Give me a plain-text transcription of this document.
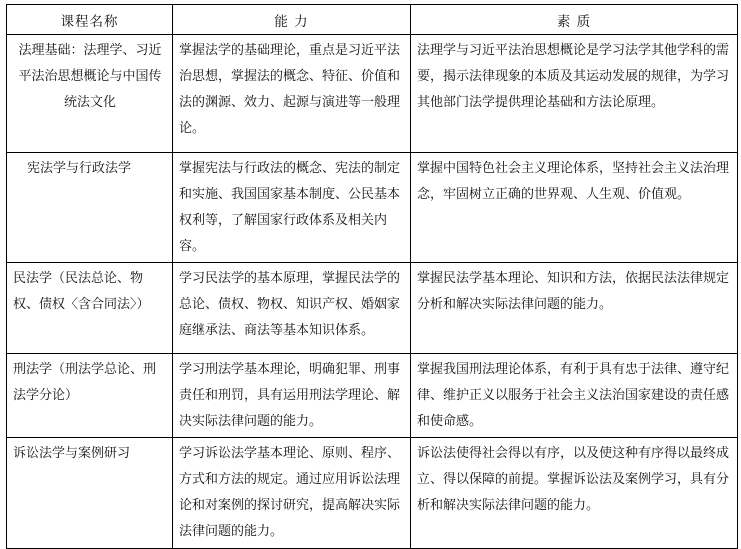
课程名称	能 力	素 质
法理基础：法理学、习近平法治思想概论与中国传统法文化	掌握法学的基础理论，重点是习近平法治思想，掌握法的概念、特征、价值和法的渊源、效力、起源与演进等一般理论。	法理学与习近平法治思想概论是学习法学其他学科的需要，揭示法律现象的本质及其运动发展的规律，为学习其他部门法学提供理论基础和方法论原理。
宪法学与行政法学	掌握宪法与行政法的概念、宪法的制定和实施、我国国家基本制度、公民基本权利等，了解国家行政体系及相关内容。	掌握中国特色社会主义理论体系，坚持社会主义法治理念，牢固树立正确的世界观、人生观、价值观。
民法学（民法总论、物权、债权〈含合同法〉）	学习民法学的基本原理，掌握民法学的总论、债权、物权、知识产权、婚姻家庭继承法、商法等基本知识体系。	掌握民法学基本理论、知识和方法，依据民法法律规定分析和解决实际法律问题的能力。
刑法学（刑法学总论、刑法学分论）	学习刑法学基本理论，明确犯罪、刑事责任和刑罚，具有运用刑法学理论、解决实际法律问题的能力。	掌握我国刑法理论体系，有利于具有忠于法律、遵守纪律、维护正义以服务于社会主义法治国家建设的责任感和使命感。
诉讼法学与案例研习	学习诉讼法学基本理论、原则、程序、方式和方法的规定。通过应用诉讼法理论和对案例的探讨研究，提高解决实际法律问题的能力。	诉讼法使得社会得以有序，以及使这种有序得以最终成立、得以保障的前提。掌握诉讼法及案例学习，具有分析和解决实际法律问题的能力。
